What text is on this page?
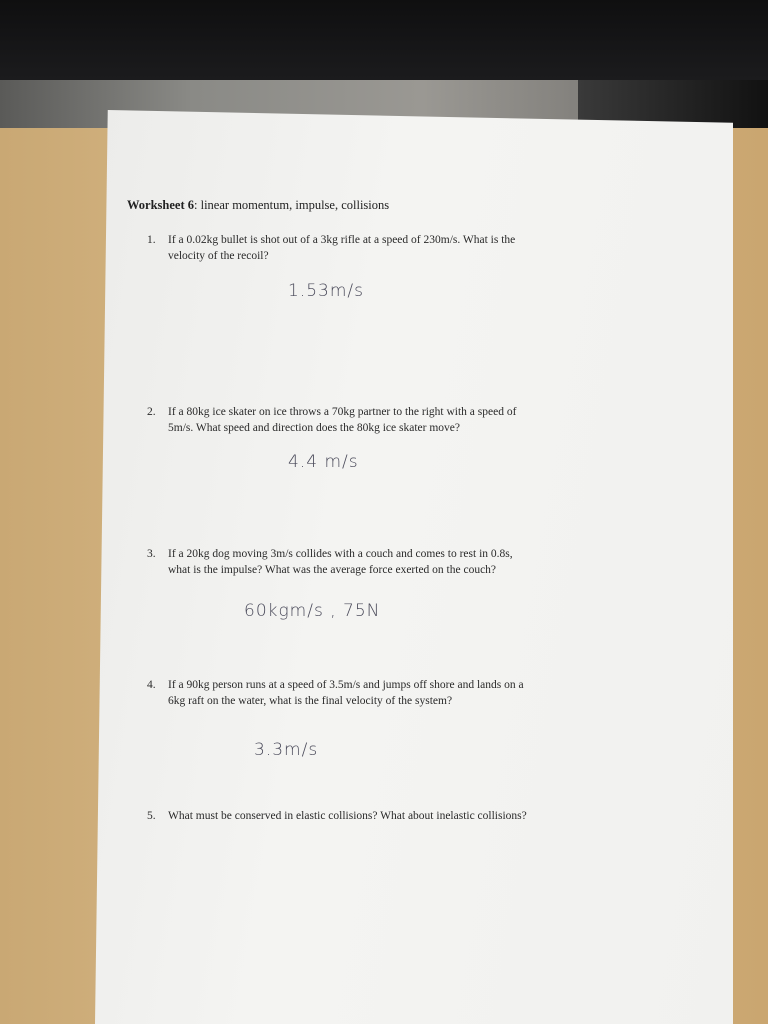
Worksheet 6: linear momentum, impulse, collisions
1. If a 0.02kg bullet is shot out of a 3kg rifle at a speed of 230m/s. What is the
velocity of the recoil?
1.53m/s
2. If a 80kg ice skater on ice throws a 70kg partner to the right with a speed of
5m/s. What speed and direction does the 80kg ice skater move?
4.4 m/s
3. If a 20kg dog moving 3m/s collides with a couch and comes to rest in 0.8s,
what is the impulse? What was the average force exerted on the couch?
60kgm/s , 75N
4. If a 90kg person runs at a speed of 3.5m/s and jumps off shore and lands on a
6kg raft on the water, what is the final velocity of the system?
3.3m/s
5. What must be conserved in elastic collisions? What about inelastic collisions?
